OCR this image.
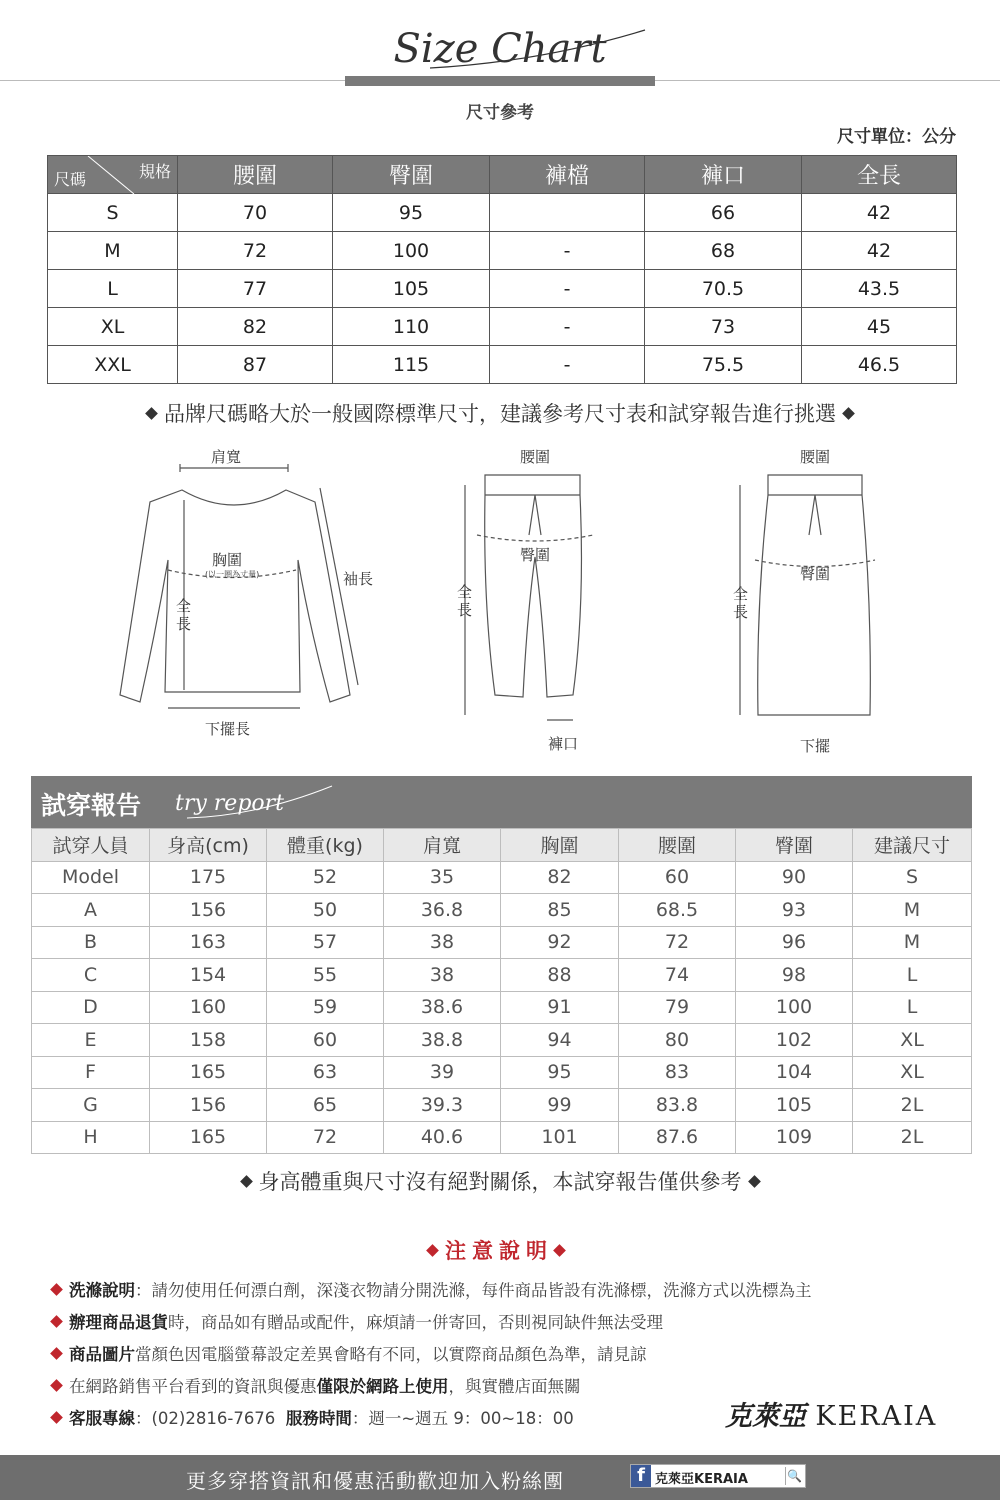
Size Chart
尺寸參考
尺寸單位：公分
規格
尺碼	腰圍	臀圍	褲檔	褲口	全長
S	70	95		66	42
M	72	100	-	68	42
L	77	105	-	70.5	43.5
XL	82	110	-	73	45
XXL	87	115	-	75.5	46.5
品牌尺碼略大於一般國際標準尺寸，建議參考尺寸表和試穿報告進行挑選
肩寬
胸圍
(以一圈為丈量)	袖長
全長
下擺長
腰圍
臀圍
全長
褲口
腰圍
臀圍
全長
下擺
試穿報告 try report
試穿人員	身高(cm)	體重(kg)	肩寬	胸圍	腰圍	臀圍	建議尺寸
Model	175	52	35	82	60	90	S
A	156	50	36.8	85	68.5	93	M
B	163	57	38	92	72	96	M
C	154	55	38	88	74	98	L
D	160	59	38.6	91	79	100	L
E	158	60	38.8	94	80	102	XL
F	165	63	39	95	83	104	XL
G	156	65	39.3	99	83.8	105	2L
H	165	72	40.6	101	87.6	109	2L
身高體重與尺寸沒有絕對關係，本試穿報告僅供參考
注意說明
洗滌說明：請勿使用任何漂白劑，深淺衣物請分開洗滌，每件商品皆設有洗滌標，洗滌方式以洗標為主
辦理商品退貨時，商品如有贈品或配件，麻煩請一併寄回，否則視同缺件無法受理
商品圖片當顏色因電腦螢幕設定差異會略有不同，以實際商品顏色為準，請見諒
在網路銷售平台看到的資訊與優惠僅限於網路上使用，與實體店面無關
客服專線：(02)2816-7676 服務時間：週一~週五 9：00~18：00	克萊亞 KERAIA
更多穿搭資訊和優惠活動歡迎加入粉絲團	f 克萊亞KERAIA	🔍
